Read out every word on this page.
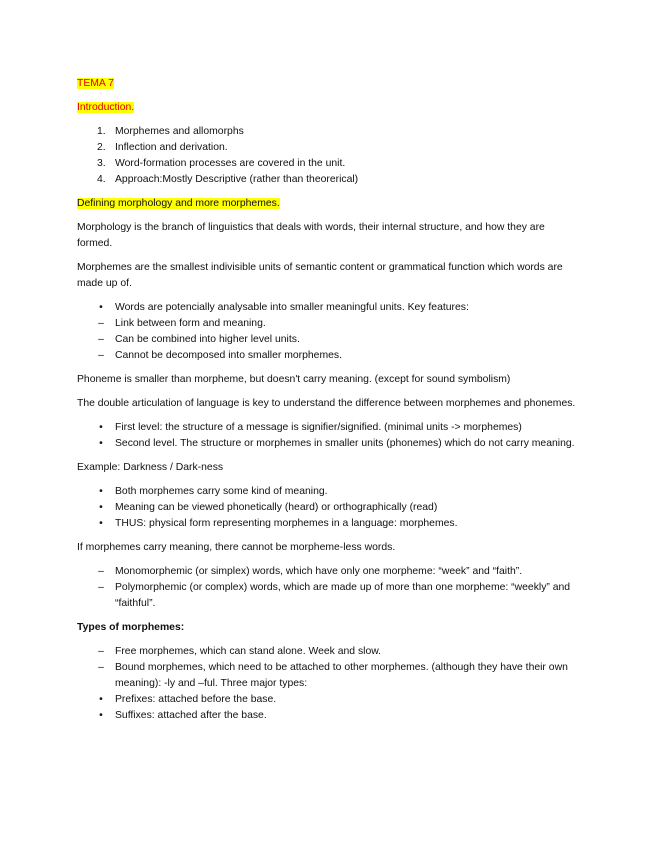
TEMA 7
Introduction.
1. Morphemes and allomorphs
2. Inflection and derivation.
3. Word-formation processes are covered in the unit.
4. Approach:Mostly Descriptive (rather than theorerical)
Defining morphology and more morphemes.

Morphology is the branch of linguistics that deals with words, their internal structure, and how they are formed.

Morphemes are the smallest indivisible units of semantic content or grammatical function which words are made up of.

•	Words are potencially analysable into smaller meaningful units. Key features:
– Link between form and meaning.
– Can be combined into higher level units.
– Cannot be decomposed into smaller morphemes.

Phoneme is smaller than morpheme, but doesn't carry meaning. (except for sound symbolism)

The double articulation of language is key to understand the difference between morphemes and phonemes.

•	First level: the structure of a message is signifier/signified. (minimal units -> morphemes)
•	Second level. The structure or morphemes in smaller units (phonemes) which do not carry meaning.

Example: Darkness / Dark-ness

•	Both morphemes carry some kind of meaning.
•	Meaning can be viewed phonetically (heard) or orthographically (read)
•	THUS: physical form representing morphemes in a language: morphemes.

If morphemes carry meaning, there cannot be morpheme-less words.

– Monomorphemic (or simplex) words, which have only one morpheme: “week” and “faith”.
– Polymorphemic (or complex) words, which are made up of more than one morpheme: “weekly” and “faithful”.

Types of morphemes:

– Free morphemes, which can stand alone. Week and slow.
– Bound morphemes, which need to be attached to other morphemes. (although they have their own meaning): -ly and –ful. Three major types:
•	Prefixes: attached before the base.
•	Suffixes: attached after the base.
